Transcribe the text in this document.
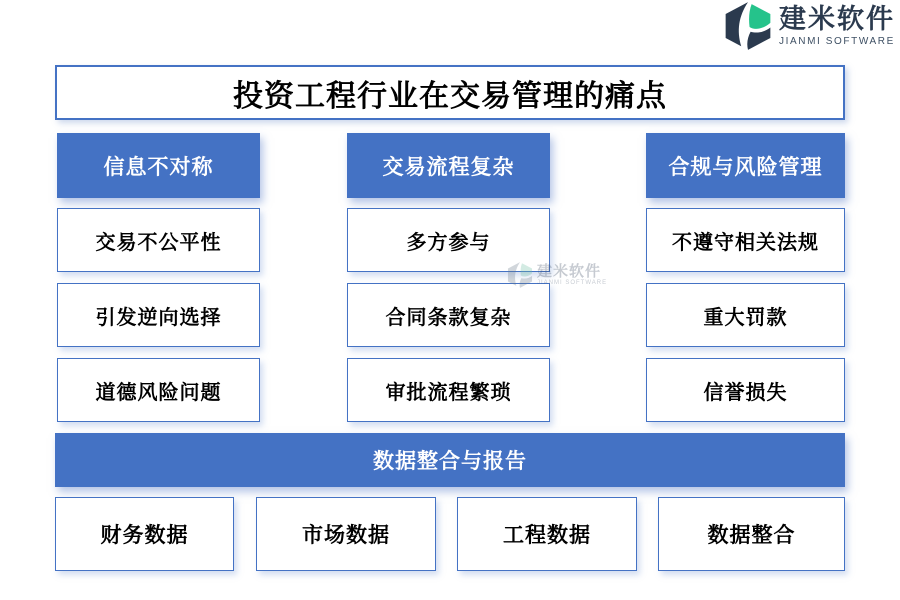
建米软件
JIANMI SOFTWARE
投资工程行业在交易管理的痛点
信息不对称	交易流程复杂	合规与风险管理
交易不公平性
引发逆向选择
道德风险问题
多方参与
合同条款复杂
审批流程繁琐
不遵守相关法规
重大罚款
信誉损失
数据整合与报告
财务数据	市场数据	工程数据	数据整合
建米软件
JIANMI SOFTWARE
